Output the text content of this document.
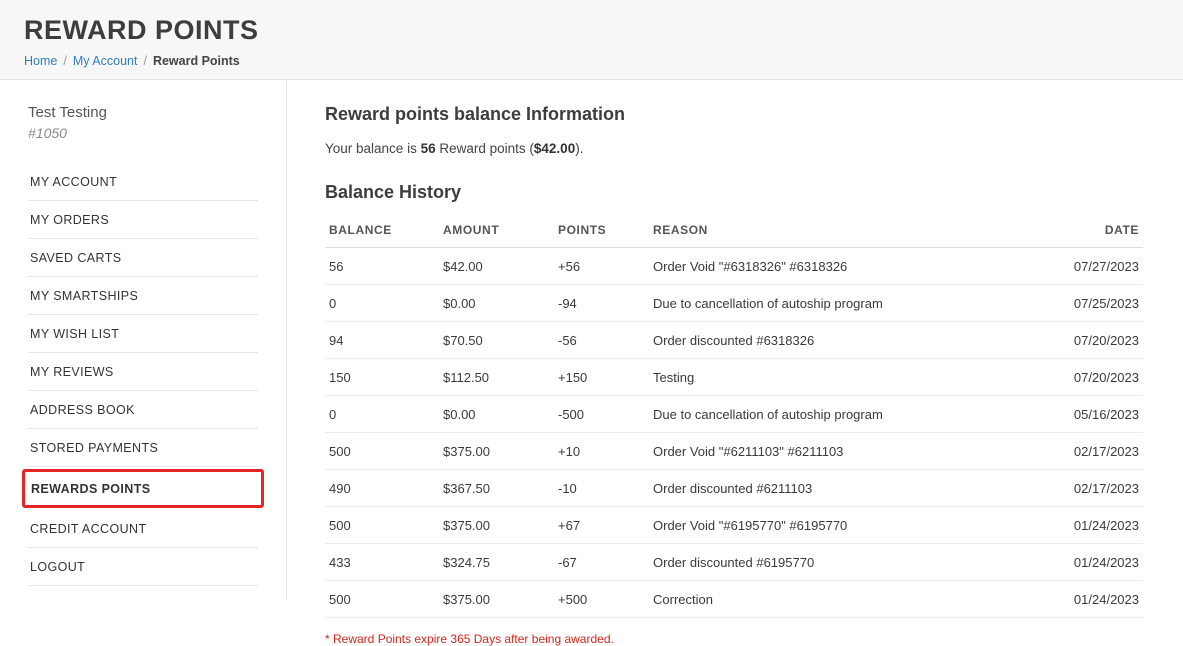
REWARD POINTS
Home / My Account / Reward Points
Test Testing
#1050
MY ACCOUNT
MY ORDERS
SAVED CARTS
MY SMARTSHIPS
MY WISH LIST
MY REVIEWS
ADDRESS BOOK
STORED PAYMENTS
REWARDS POINTS
CREDIT ACCOUNT
LOGOUT
Reward points balance Information

Your balance is 56 Reward points ($42.00).

Balance History
BALANCE	AMOUNT	POINTS	REASON	DATE
56	$42.00	+56	Order Void "#6318326" #6318326	07/27/2023
0	$0.00	-94	Due to cancellation of autoship program	07/25/2023
94	$70.50	-56	Order discounted #6318326	07/20/2023
150	$112.50	+150	Testing	07/20/2023
0	$0.00	-500	Due to cancellation of autoship program	05/16/2023
500	$375.00	+10	Order Void "#6211103" #6211103	02/17/2023
490	$367.50	-10	Order discounted #6211103	02/17/2023
500	$375.00	+67	Order Void "#6195770" #6195770	01/24/2023
433	$324.75	-67	Order discounted #6195770	01/24/2023
500	$375.00	+500	Correction	01/24/2023
* Reward Points expire 365 Days after being awarded.
